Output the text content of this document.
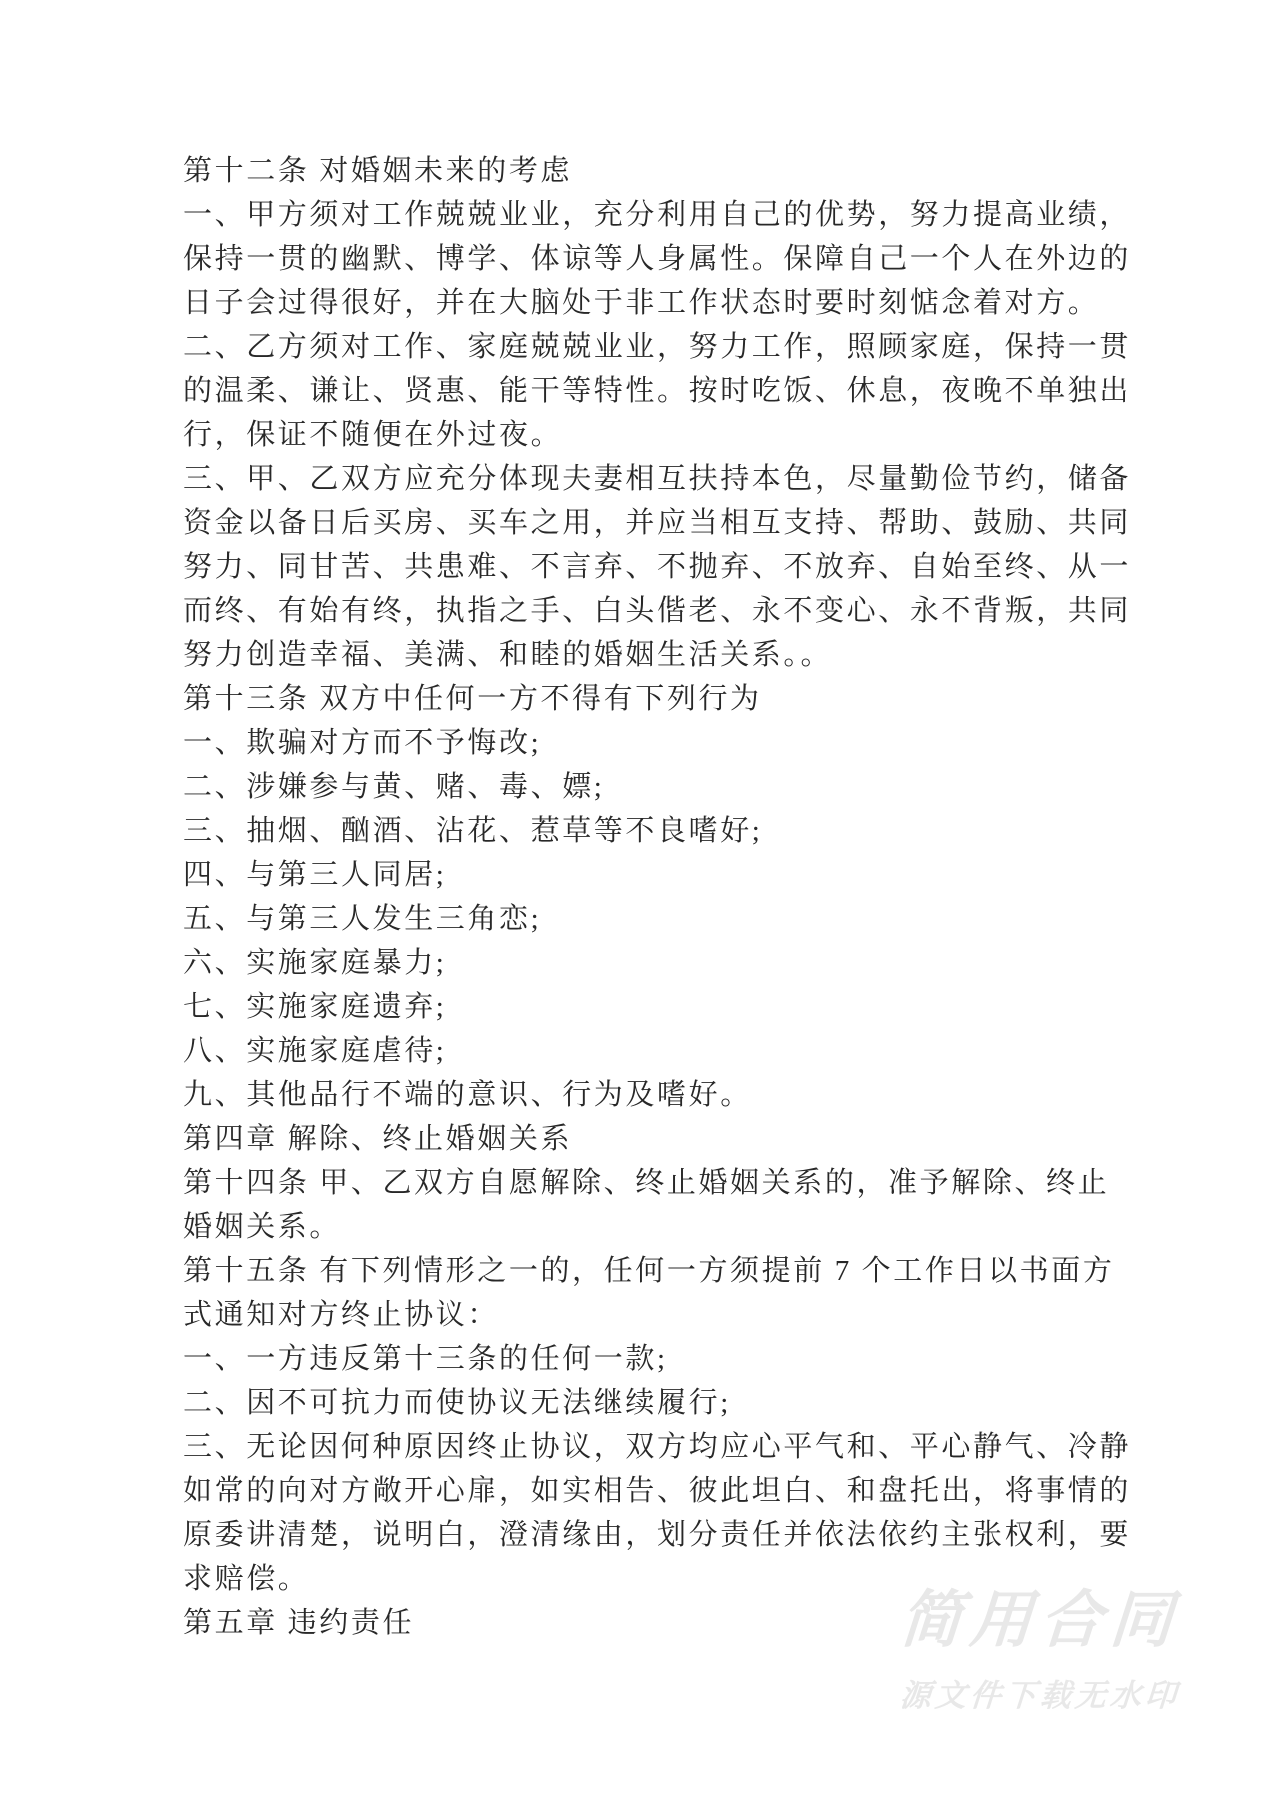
第十二条 对婚姻未来的考虑
一、甲方须对工作兢兢业业，充分利用自己的优势，努力提高业绩，
保持一贯的幽默、博学、体谅等人身属性。保障自己一个人在外边的
日子会过得很好，并在大脑处于非工作状态时要时刻惦念着对方。
二、乙方须对工作、家庭兢兢业业，努力工作，照顾家庭，保持一贯
的温柔、谦让、贤惠、能干等特性。按时吃饭、休息，夜晚不单独出
行，保证不随便在外过夜。
三、甲、乙双方应充分体现夫妻相互扶持本色，尽量勤俭节约，储备
资金以备日后买房、买车之用，并应当相互支持、帮助、鼓励、共同
努力、同甘苦、共患难、不言弃、不抛弃、不放弃、自始至终、从一
而终、有始有终，执指之手、白头偕老、永不变心、永不背叛，共同
努力创造幸福、美满、和睦的婚姻生活关系。。
第十三条 双方中任何一方不得有下列行为
一、欺骗对方而不予悔改;
二、涉嫌参与黄、赌、毒、嫖;
三、抽烟、酗酒、沾花、惹草等不良嗜好;
四、与第三人同居;
五、与第三人发生三角恋;
六、实施家庭暴力;
七、实施家庭遗弃;
八、实施家庭虐待;
九、其他品行不端的意识、行为及嗜好。
第四章 解除、终止婚姻关系
第十四条 甲、乙双方自愿解除、终止婚姻关系的，准予解除、终止
婚姻关系。
第十五条 有下列情形之一的，任何一方须提前 7 个工作日以书面方
式通知对方终止协议：
一、一方违反第十三条的任何一款;
二、因不可抗力而使协议无法继续履行;
三、无论因何种原因终止协议，双方均应心平气和、平心静气、冷静
如常的向对方敞开心扉，如实相告、彼此坦白、和盘托出，将事情的
原委讲清楚，说明白，澄清缘由，划分责任并依法依约主张权利，要
求赔偿。
第五章 违约责任	简用合同
源文件下载无水印
